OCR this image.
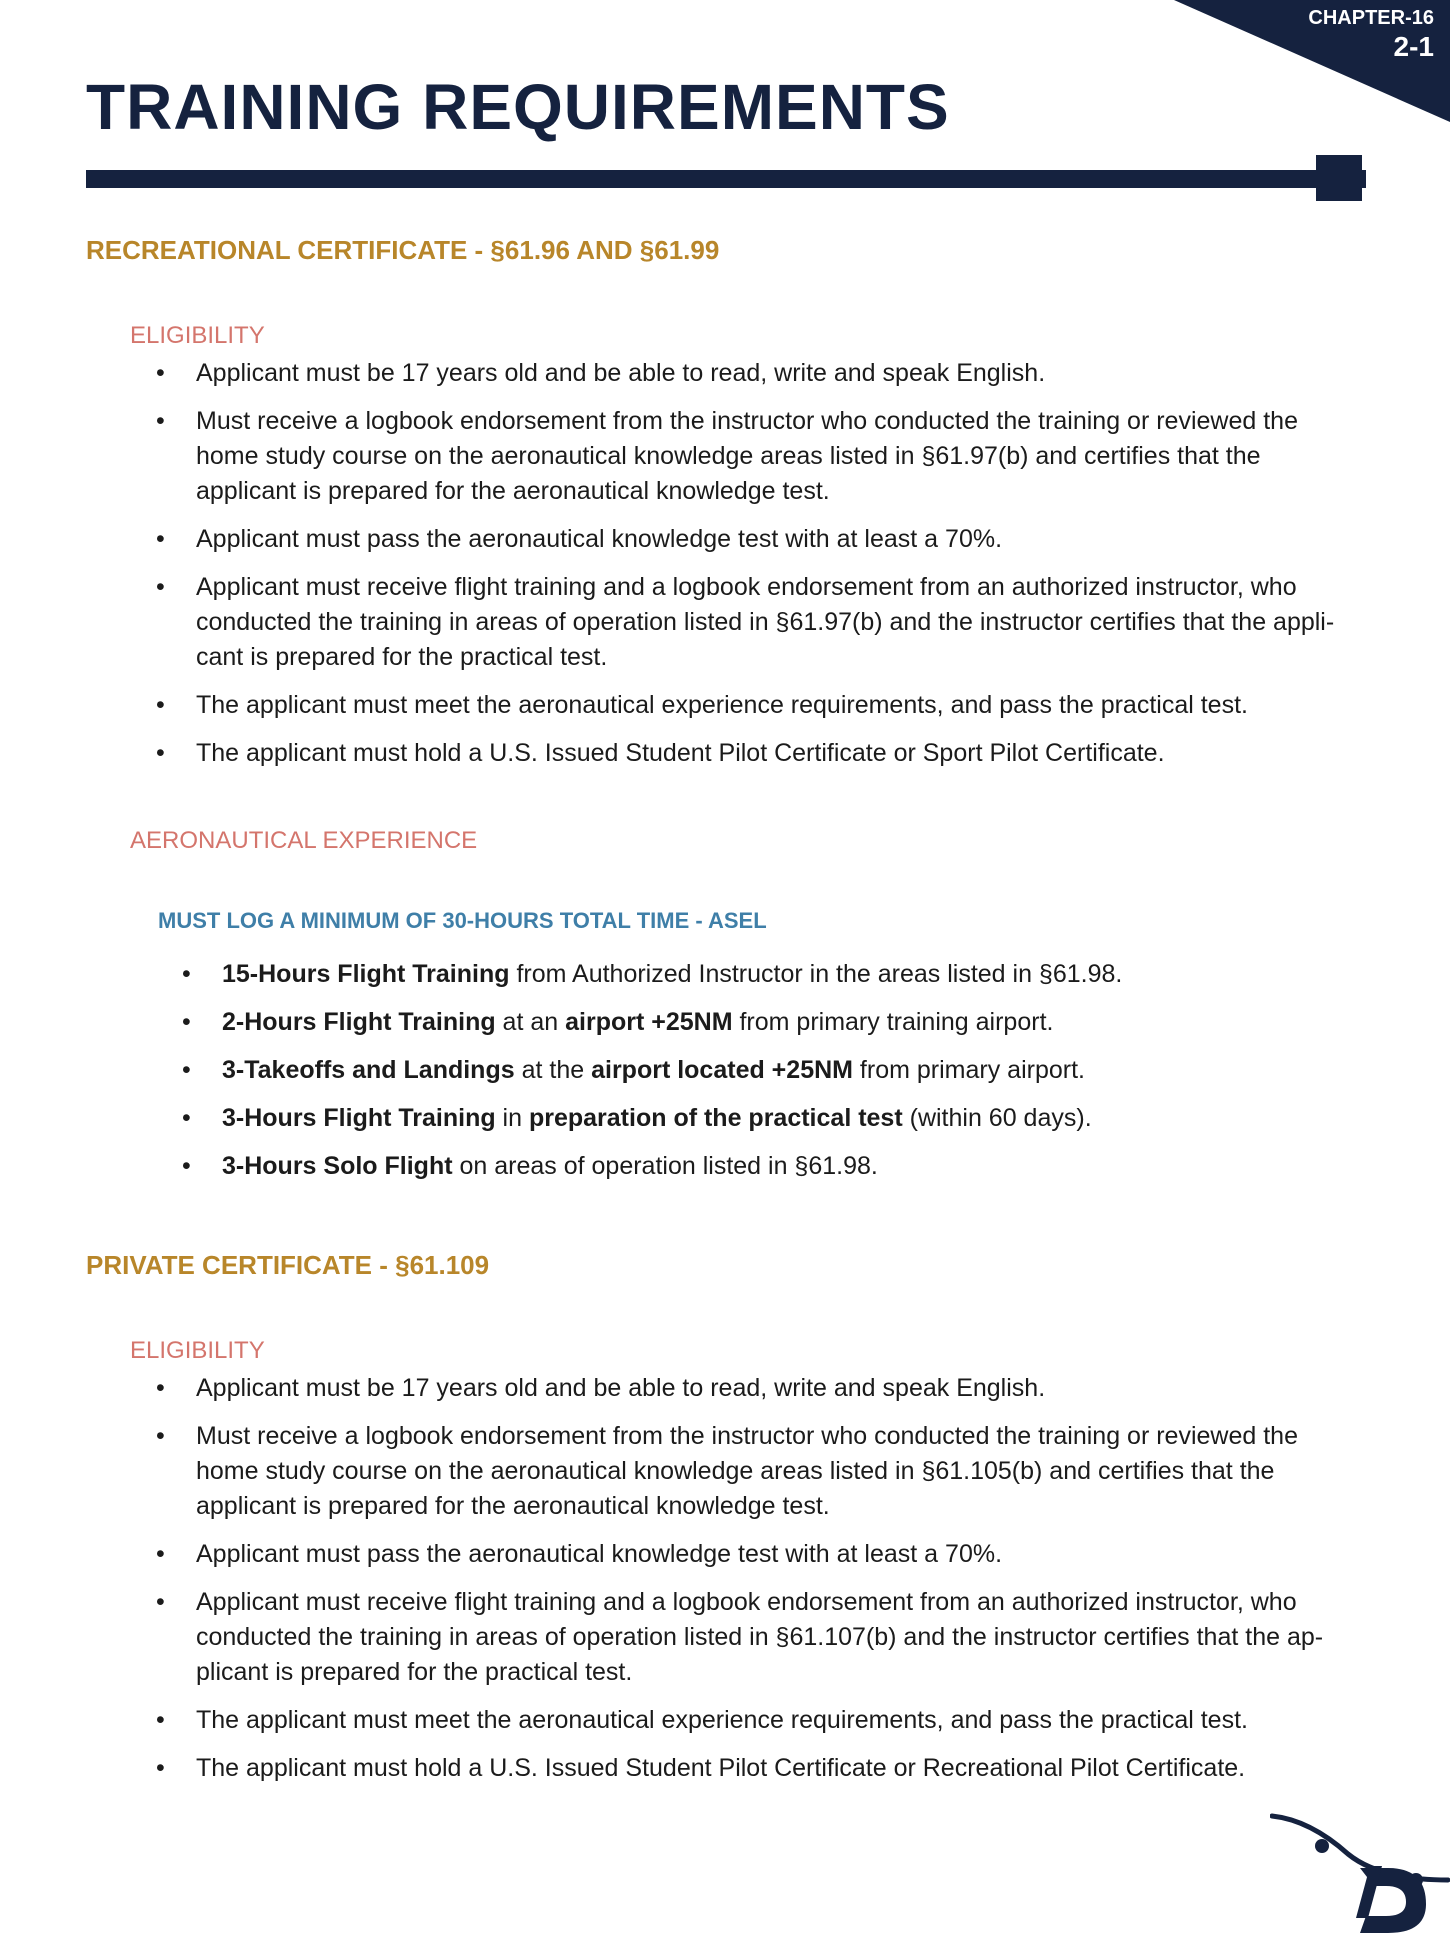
CHAPTER-16
2-1
TRAINING REQUIREMENTS
RECREATIONAL CERTIFICATE - §61.96 AND §61.99
ELIGIBILITY
• Applicant must be 17 years old and be able to read, write and speak English.
• Must receive a logbook endorsement from the instructor who conducted the training or reviewed the home study course on the aeronautical knowledge areas listed in §61.97(b) and certifies that the applicant is prepared for the aeronautical knowledge test.
• Applicant must pass the aeronautical knowledge test with at least a 70%.
• Applicant must receive flight training and a logbook endorsement from an authorized instructor, who conducted the training in areas of operation listed in §61.97(b) and the instructor certifies that the appli-cant is prepared for the practical test.
• The applicant must meet the aeronautical experience requirements, and pass the practical test.
• The applicant must hold a U.S. Issued Student Pilot Certificate or Sport Pilot Certificate.
AERONAUTICAL EXPERIENCE
MUST LOG A MINIMUM OF 30-HOURS TOTAL TIME - ASEL
• 15-Hours Flight Training from Authorized Instructor in the areas listed in §61.98.
• 2-Hours Flight Training at an airport +25NM from primary training airport.
• 3-Takeoffs and Landings at the airport located +25NM from primary airport.
• 3-Hours Flight Training in preparation of the practical test (within 60 days).
• 3-Hours Solo Flight on areas of operation listed in §61.98.
PRIVATE CERTIFICATE - §61.109
ELIGIBILITY
• Applicant must be 17 years old and be able to read, write and speak English.
• Must receive a logbook endorsement from the instructor who conducted the training or reviewed the home study course on the aeronautical knowledge areas listed in §61.105(b) and certifies that the applicant is prepared for the aeronautical knowledge test.
• Applicant must pass the aeronautical knowledge test with at least a 70%.
• Applicant must receive flight training and a logbook endorsement from an authorized instructor, who conducted the training in areas of operation listed in §61.107(b) and the instructor certifies that the ap-plicant is prepared for the practical test.
• The applicant must meet the aeronautical experience requirements, and pass the practical test.
• The applicant must hold a U.S. Issued Student Pilot Certificate or Recreational Pilot Certificate.
